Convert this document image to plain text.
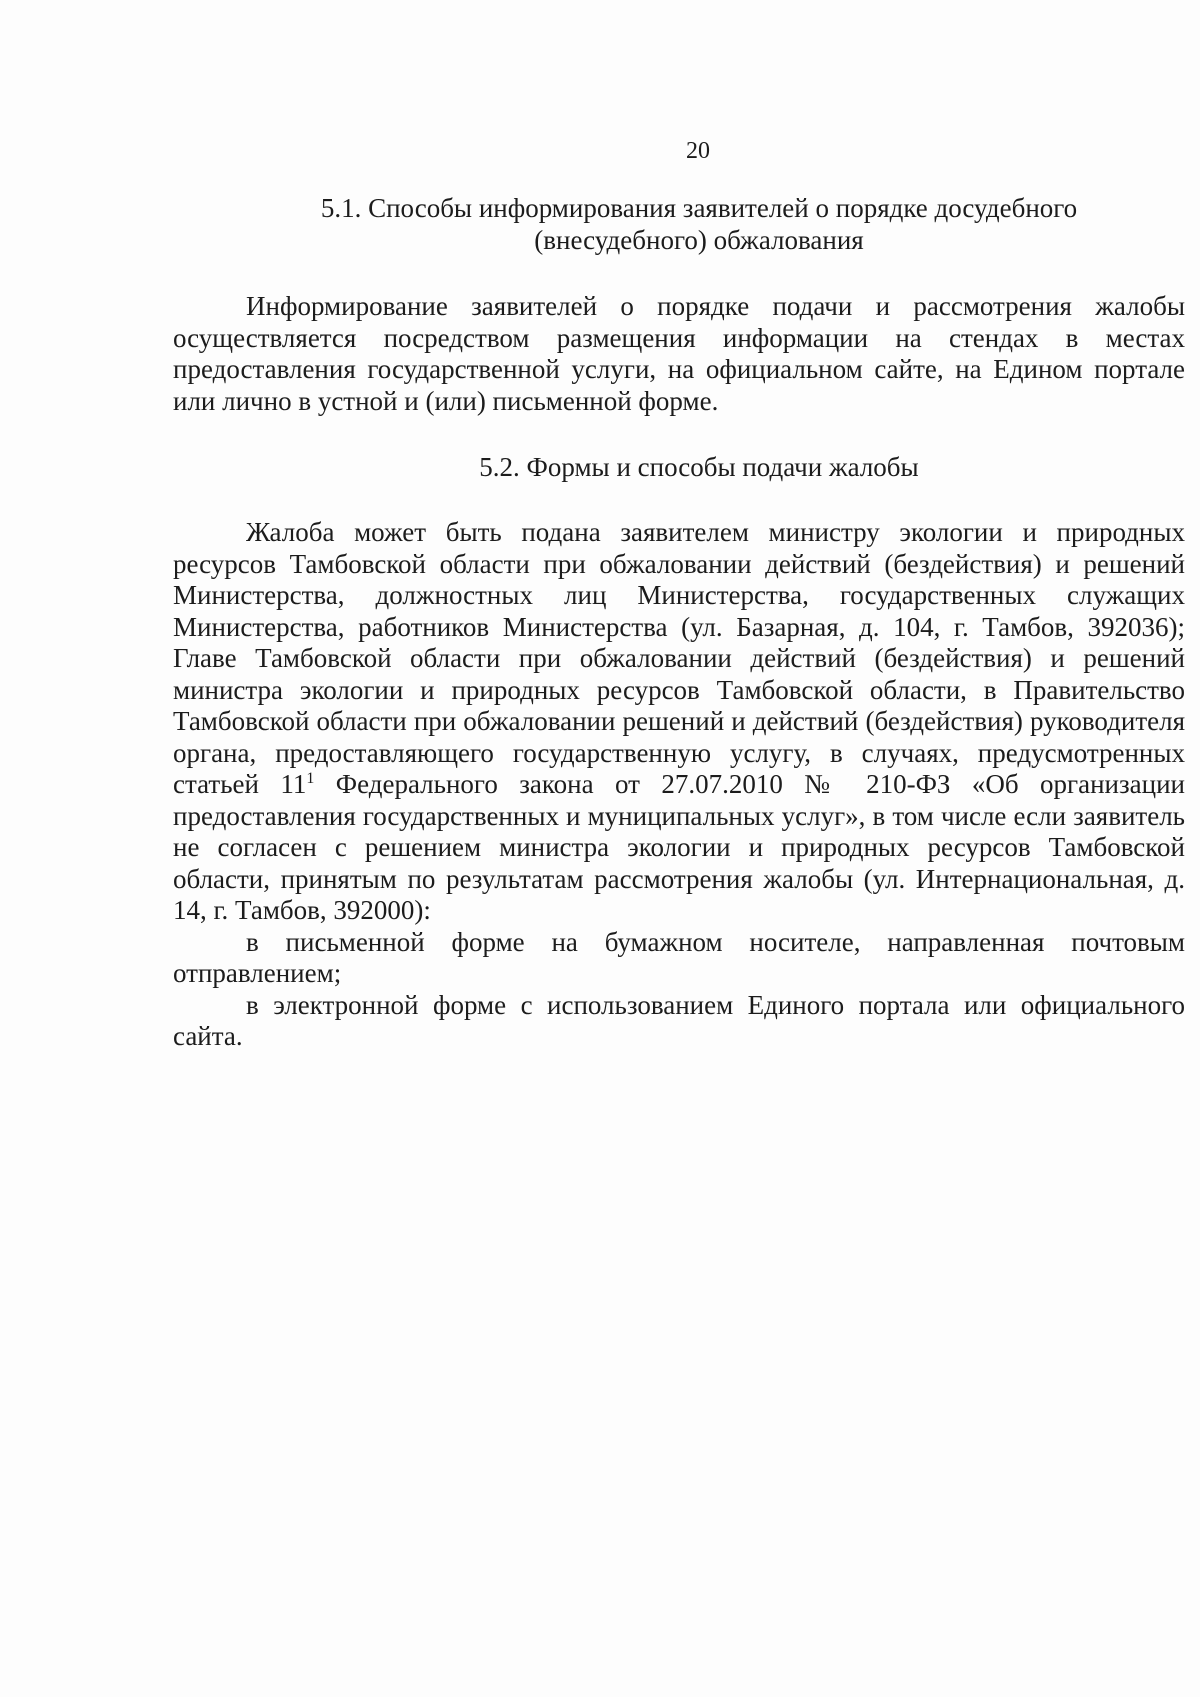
20
5.1. Способы информирования заявителей о порядке досудебного
(внесудебного) обжалования

Информирование заявителей о порядке подачи и рассмотрения жалобы осуществляется посредством размещения информации на стендах в местах предоставления государственной услуги, на официальном сайте, на Едином портале или лично в устной и (или) письменной форме.

5.2. Формы и способы подачи жалобы

Жалоба может быть подана заявителем министру экологии и природных ресурсов Тамбовской области при обжаловании действий (бездействия) и решений Министерства, должностных лиц Министерства, государственных служащих Министерства, работников Министерства (ул. Базарная, д. 104, г. Тамбов, 392036); Главе Тамбовской области при обжаловании действий (бездействия) и решений министра экологии и природных ресурсов Тамбовской области, в Правительство Тамбовской области при обжаловании решений и действий (бездействия) руководителя органа, предоставляющего государственную услугу, в случаях, предусмотренных статьей $11^1$ Федерального закона от 27.07.2010 № 210-ФЗ «Об организации предоставления государственных и муниципальных услуг», в том числе если заявитель не согласен с решением министра экологии и природных ресурсов Тамбовской области, принятым по результатам рассмотрения жалобы (ул. Интернациональная, д. 14, г. Тамбов, 392000):

в письменной форме на бумажном носителе, направленная почтовым отправлением;

в электронной форме с использованием Единого портала или официального сайта.
